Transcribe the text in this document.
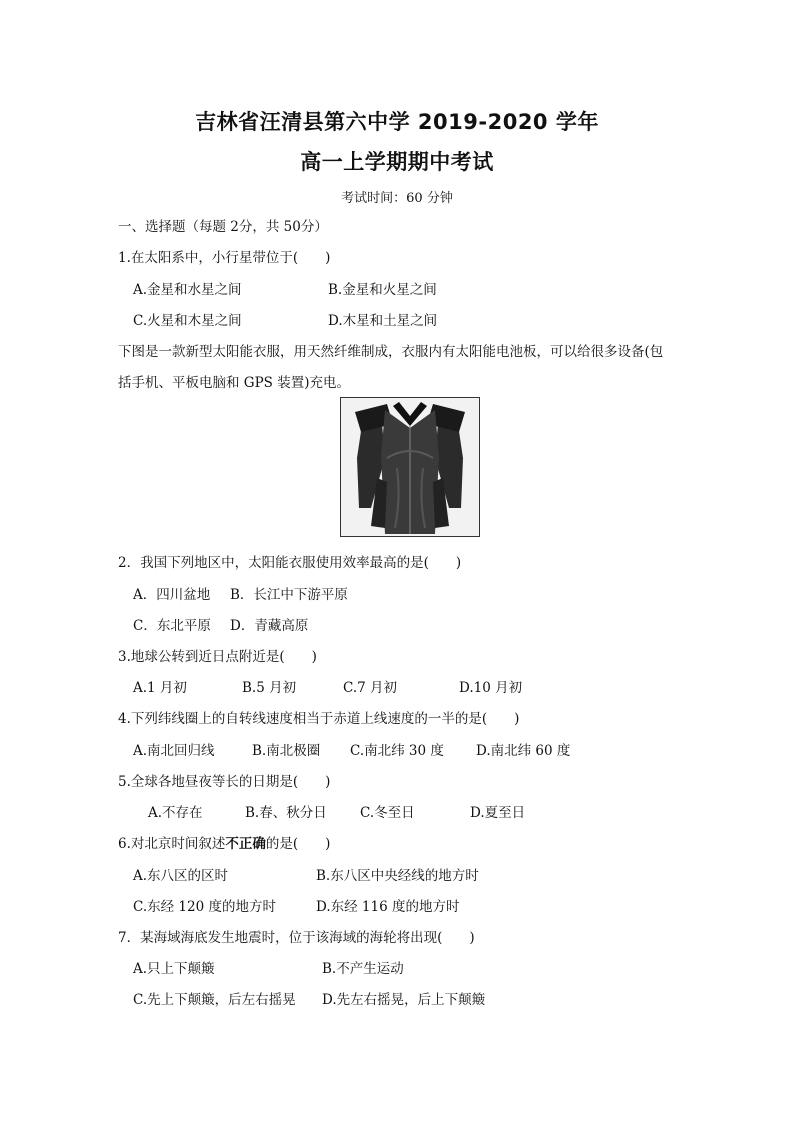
吉林省汪清县第六中学 2019-2020 学年
高一上学期期中考试
考试时间：60 分钟
一、选择题（每题 2分，共 50分）
1.在太阳系中，小行星带位于(　　)
A.金星和水星之间	B.金星和火星之间
C.火星和木星之间	D.木星和土星之间
下图是一款新型太阳能衣服，用天然纤维制成，衣服内有太阳能电池板，可以给很多设备(包
括手机、平板电脑和 GPS 装置)充电。
2．我国下列地区中，太阳能衣服使用效率最高的是(　　)
A．四川盆地 B．长江中下游平原
C．东北平原 D．青藏高原
3.地球公转到近日点附近是(　　)
A.1 月初	B.5 月初	C.7 月初	D.10 月初
4.下列纬线圈上的自转线速度相当于赤道上线速度的一半的是(　　)
A.南北回归线	B.南北极圈 C.南北纬 30 度 D.南北纬 60 度
5.全球各地昼夜等长的日期是(　　)
A.不存在	B.春、秋分日 C.冬至日	D.夏至日
6.对北京时间叙述不正确的是(　　)
A.东八区的区时	B.东八区中央经线的地方时
C.东经 120 度的地方时	D.东经 116 度的地方时
7．某海域海底发生地震时，位于该海域的海轮将出现(　　)
A.只上下颠簸	B.不产生运动
C.先上下颠簸，后左右摇晃 D.先左右摇晃，后上下颠簸
